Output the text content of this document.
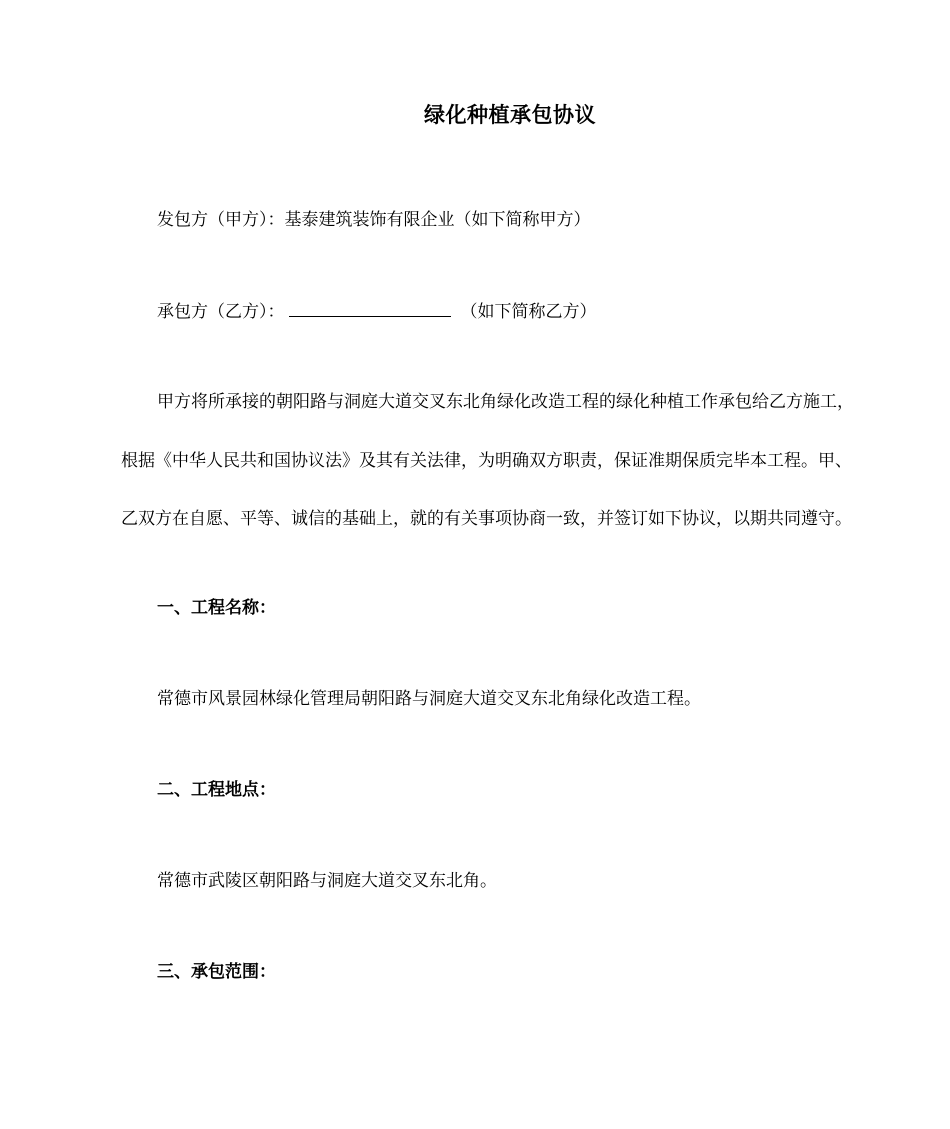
绿化种植承包协议
发包方（甲方）：基泰建筑装饰有限企业（如下简称甲方）
承包方（乙方）：	（如下简称乙方）
甲方将所承接的朝阳路与洞庭大道交叉东北角绿化改造工程的绿化种植工作承包给乙方施工，
根据《中华人民共和国协议法》及其有关法律，为明确双方职责，保证准期保质完毕本工程。甲、
乙双方在自愿、平等、诚信的基础上，就的有关事项协商一致，并签订如下协议，以期共同遵守。
一、工程名称：
常德市风景园林绿化管理局朝阳路与洞庭大道交叉东北角绿化改造工程。
二、工程地点：
常德市武陵区朝阳路与洞庭大道交叉东北角。
三、承包范围：
